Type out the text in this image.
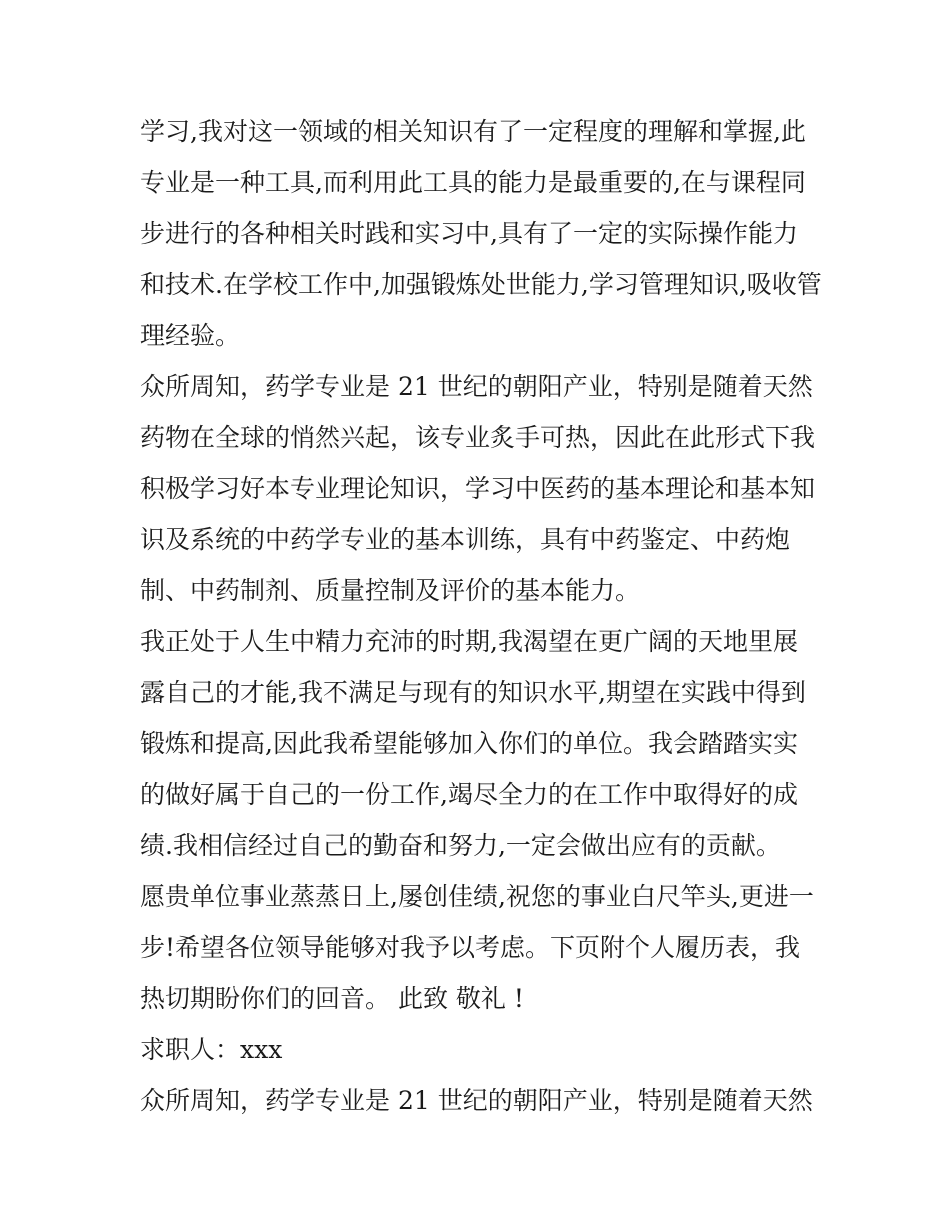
学习,我对这一领域的相关知识有了一定程度的理解和掌握,此

专业是一种工具,而利用此工具的能力是最重要的,在与课程同

步进行的各种相关时践和实习中,具有了一定的实际操作能力

和技术.在学校工作中,加强锻炼处世能力,学习管理知识,吸收管

理经验。

众所周知，药学专业是 21 世纪的朝阳产业，特别是随着天然

药物在全球的悄然兴起，该专业炙手可热，因此在此形式下我

积极学习好本专业理论知识，学习中医药的基本理论和基本知

识及系统的中药学专业的基本训练，具有中药鉴定、中药炮

制、中药制剂、质量控制及评价的基本能力。

我正处于人生中精力充沛的时期,我渴望在更广阔的天地里展

露自己的才能,我不满足与现有的知识水平,期望在实践中得到

锻炼和提高,因此我希望能够加入你们的单位。我会踏踏实实

的做好属于自己的一份工作,竭尽全力的在工作中取得好的成

绩.我相信经过自己的勤奋和努力,一定会做出应有的贡献。

愿贵单位事业蒸蒸日上,屡创佳绩,祝您的事业白尺竿头,更进一

步!希望各位领导能够对我予以考虑。下页附个人履历表，我

热切期盼你们的回音。 此致 敬礼 !

求职人：xxx

众所周知，药学专业是 21 世纪的朝阳产业，特别是随着天然
